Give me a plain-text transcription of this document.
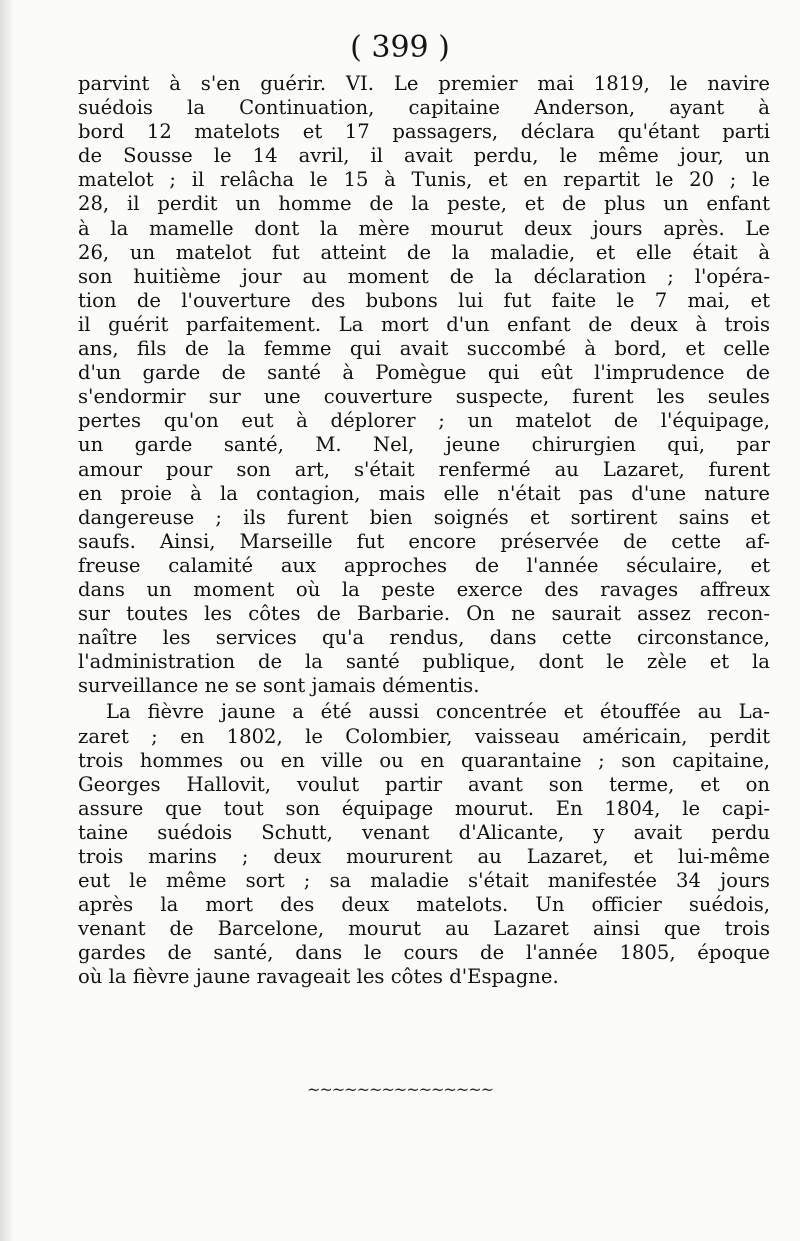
( 399 )

parvint à s'en guérir. VI. Le premier mai 1819, le navire
suédois la Continuation, capitaine Anderson, ayant à
bord 12 matelots et 17 passagers, déclara qu'étant parti
de Sousse le 14 avril, il avait perdu, le même jour, un
matelot ; il relâcha le 15 à Tunis, et en repartit le 20 ; le
28, il perdit un homme de la peste, et de plus un enfant
à la mamelle dont la mère mourut deux jours après. Le
26, un matelot fut atteint de la maladie, et elle était à
son huitième jour au moment de la déclaration ; l'opéra-
tion de l'ouverture des bubons lui fut faite le 7 mai, et
il guérit parfaitement. La mort d'un enfant de deux à trois
ans, fils de la femme qui avait succombé à bord, et celle
d'un garde de santé à Pomègue qui eût l'imprudence de
s'endormir sur une couverture suspecte, furent les seules
pertes qu'on eut à déplorer ; un matelot de l'équipage,
un garde santé, M. Nel, jeune chirurgien qui, par
amour pour son art, s'était renfermé au Lazaret, furent
en proie à la contagion, mais elle n'était pas d'une nature
dangereuse ; ils furent bien soignés et sortirent sains et
saufs. Ainsi, Marseille fut encore préservée de cette af-
freuse calamité aux approches de l'année séculaire, et
dans un moment où la peste exerce des ravages affreux
sur toutes les côtes de Barbarie. On ne saurait assez recon-
naître les services qu'a rendus, dans cette circonstance,
l'administration de la santé publique, dont le zèle et la
surveillance ne se sont jamais démentis.

La fièvre jaune a été aussi concentrée et étouffée au La-
zaret ; en 1802, le Colombier, vaisseau américain, perdit
trois hommes ou en ville ou en quarantaine ; son capitaine,
Georges Hallovit, voulut partir avant son terme, et on
assure que tout son équipage mourut. En 1804, le capi-
taine suédois Schutt, venant d'Alicante, y avait perdu
trois marins ; deux moururent au Lazaret, et lui-même
eut le même sort ; sa maladie s'était manifestée 34 jours
après la mort des deux matelots. Un officier suédois,
venant de Barcelone, mourut au Lazaret ainsi que trois
gardes de santé, dans le cours de l'année 1805, époque
où la fièvre jaune ravageait les côtes d'Espagne.

~~~~~~~~~~~~~~~
